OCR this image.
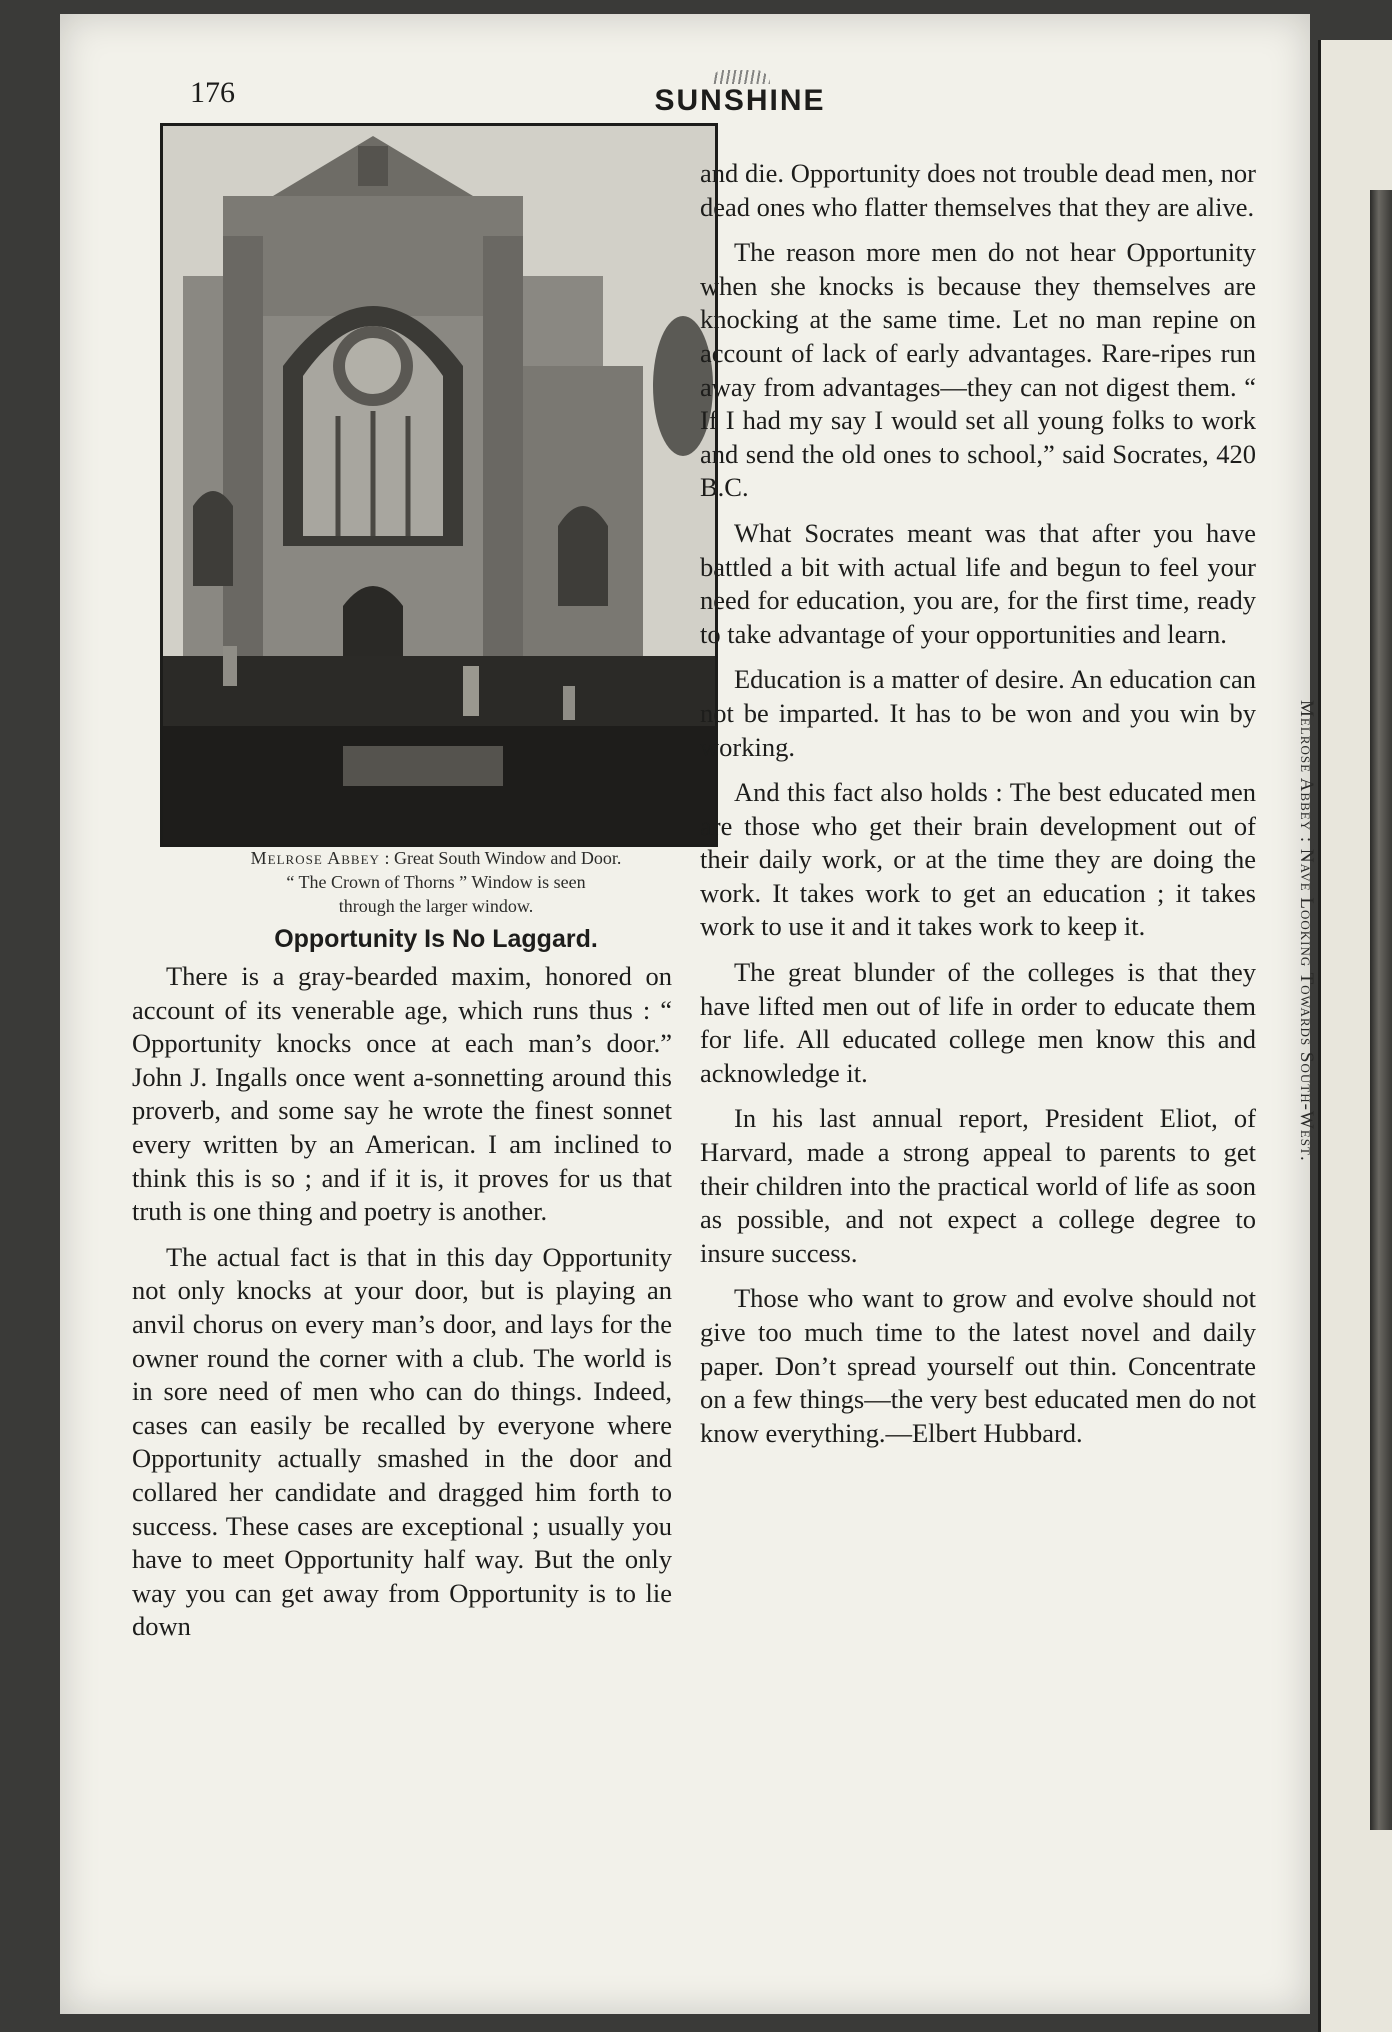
Melrose Abbey : Nave Looking Towards South-West.
176	SUNSHINE
Melrose Abbey : Great South Window and Door.
“ The Crown of Thorns ” Window is seen
through the larger window.
Opportunity Is No Laggard.

There is a gray-bearded maxim, honored on account of its venerable age, which runs thus : “ Opportunity knocks once at each man’s door.” John J. Ingalls once went a-sonnetting around this proverb, and some say he wrote the finest sonnet every written by an American. I am inclined to think this is so ; and if it is, it proves for us that truth is one thing and poetry is another.

The actual fact is that in this day Opportunity not only knocks at your door, but is playing an anvil chorus on every man’s door, and lays for the owner round the corner with a club. The world is in sore need of men who can do things. Indeed, cases can easily be recalled by everyone where Opportunity actually smashed in the door and collared her candidate and dragged him forth to success. These cases are exceptional ; usually you have to meet Opportunity half way. But the only way you can get away from Opportunity is to lie down

and die. Opportunity does not trouble dead men, nor dead ones who flatter themselves that they are alive.

The reason more men do not hear Opportunity when she knocks is because they themselves are knocking at the same time. Let no man repine on account of lack of early advantages. Rare-ripes run away from advantages—they can not digest them. “ If I had my say I would set all young folks to work and send the old ones to school,” said Socrates, 420 B.C.

What Socrates meant was that after you have battled a bit with actual life and begun to feel your need for education, you are, for the first time, ready to take advantage of your opportunities and learn.

Education is a matter of desire. An education can not be imparted. It has to be won and you win by working.

And this fact also holds : The best educated men are those who get their brain development out of their daily work, or at the time they are doing the work. It takes work to get an education ; it takes work to use it and it takes work to keep it.

The great blunder of the colleges is that they have lifted men out of life in order to educate them for life. All educated college men know this and acknowledge it.

In his last annual report, President Eliot, of Harvard, made a strong appeal to parents to get their children into the practical world of life as soon as possible, and not expect a college degree to insure success.

Those who want to grow and evolve should not give too much time to the latest novel and daily paper. Don’t spread yourself out thin. Concentrate on a few things—the very best educated men do not know everything.—Elbert Hubbard.
